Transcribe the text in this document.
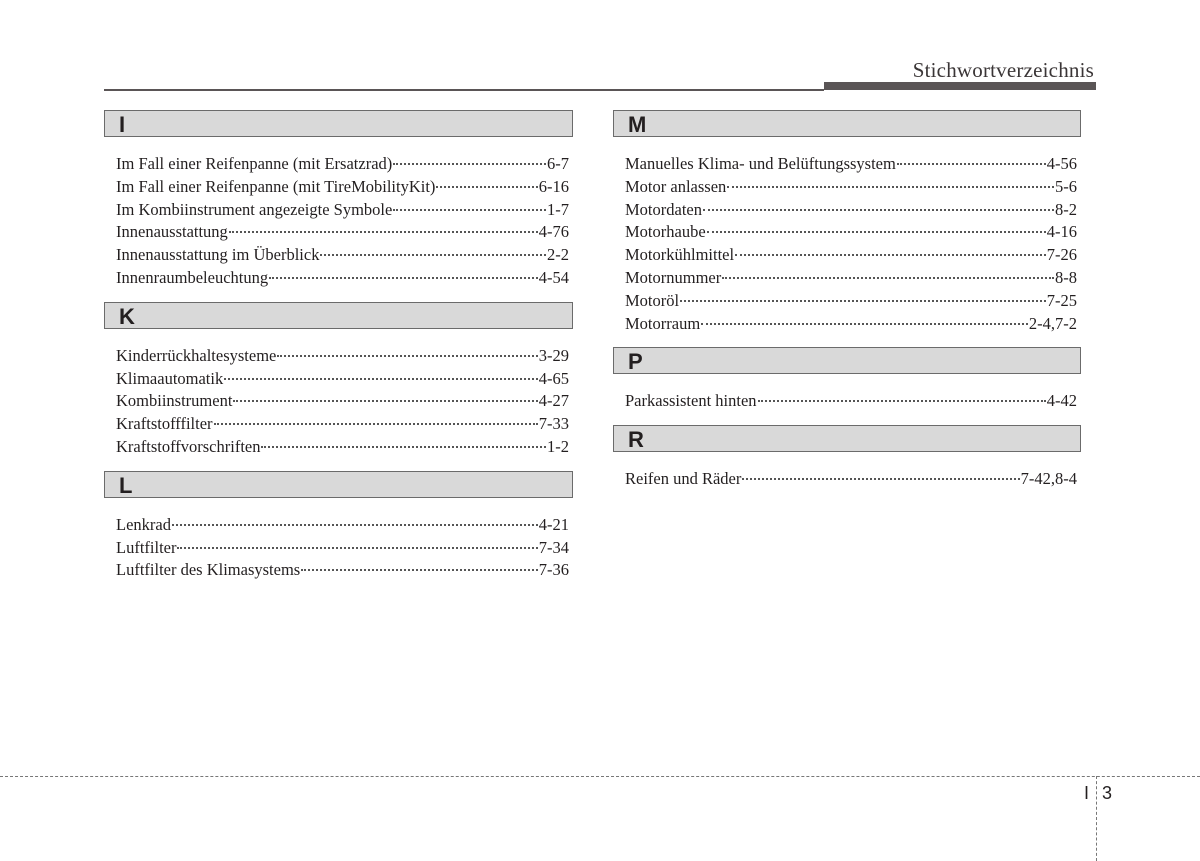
Stichwortverzeichnis
I
Im Fall einer Reifenpanne (mit Ersatzrad)	6-7
Im Fall einer Reifenpanne (mit TireMobilityKit)	6-16
Im Kombiinstrument angezeigte Symbole	1-7
Innenausstattung	4-76
Innenausstattung im Überblick	2-2
Innenraumbeleuchtung	4-54
K
Kinderrückhaltesysteme	3-29
Klimaautomatik	4-65
Kombiinstrument	4-27
Kraftstofffilter	7-33
Kraftstoffvorschriften	1-2
L
Lenkrad	4-21
Luftfilter	7-34
Luftfilter des Klimasystems	7-36
M
Manuelles Klima- und Belüftungssystem	4-56
Motor anlassen	5-6
Motordaten	8-2
Motorhaube	4-16
Motorkühlmittel	7-26
Motornummer	8-8
Motoröl	7-25
Motorraum	2-4,7-2
P
Parkassistent hinten	4-42
R
Reifen und Räder	7-42,8-4
I 3
